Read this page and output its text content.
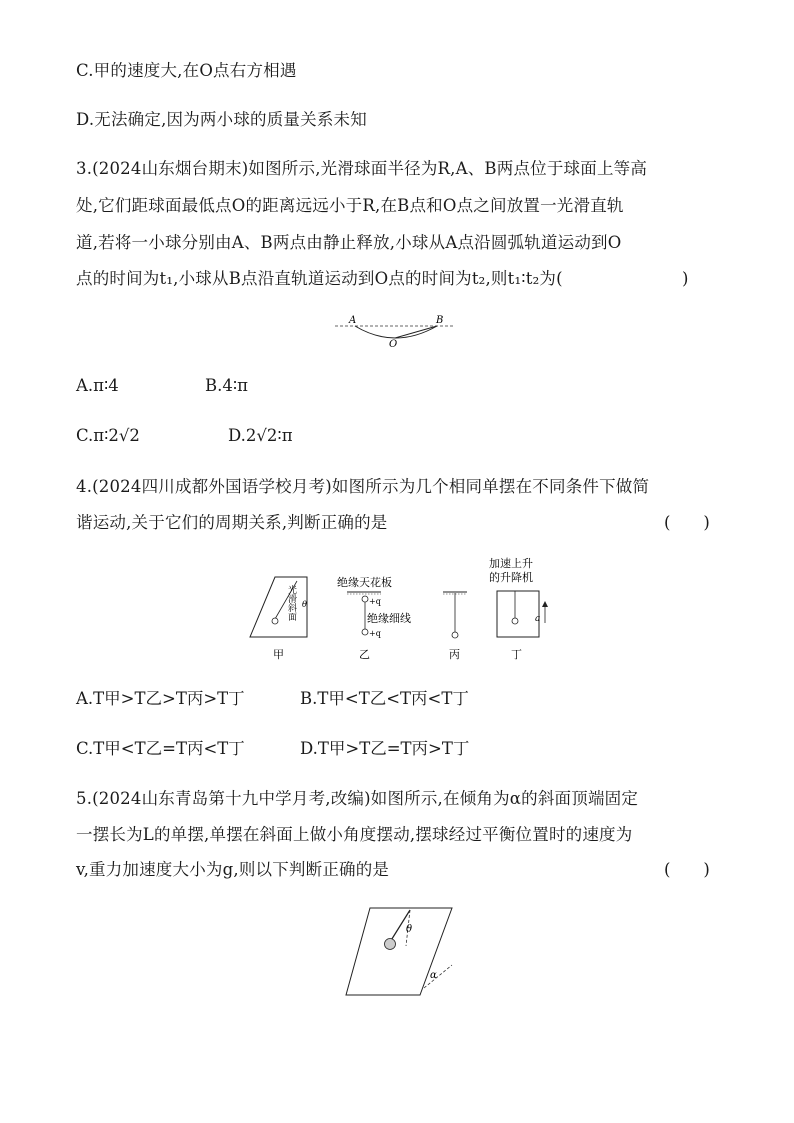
C.甲的速度大,在O点右方相遇
D.无法确定,因为两小球的质量关系未知
3.(2024山东烟台期末)如图所示,光滑球面半径为R,A、B两点位于球面上等高
处,它们距球面最低点O的距离远远小于R,在B点和O点之间放置一光滑直轨
道,若将一小球分别由A、B两点由静止释放,小球从A点沿圆弧轨道运动到O
点的时间为t₁,小球从B点沿直轨道运动到O点的时间为t₂,则t₁∶t₂为(	)
A	B
O
A.π∶4	B.4∶π
C.π∶2√2	D.2√2∶π
4.(2024四川成都外国语学校月考)如图所示为几个相同单摆在不同条件下做简
谐运动,关于它们的周期关系,判断正确的是	(　　)
光滑斜面 θ
甲
绝缘天花板
+q
+q
绝缘细线
乙	丙
加速上升
的升降机
a
丁
A.T甲>T乙>T丙>T丁	B.T甲<T乙<T丙<T丁
C.T甲<T乙=T丙<T丁	D.T甲>T乙=T丙>T丁
5.(2024山东青岛第十九中学月考,改编)如图所示,在倾角为α的斜面顶端固定
一摆长为L的单摆,单摆在斜面上做小角度摆动,摆球经过平衡位置时的速度为
v,重力加速度大小为g,则以下判断正确的是	(　　)
θ
α
